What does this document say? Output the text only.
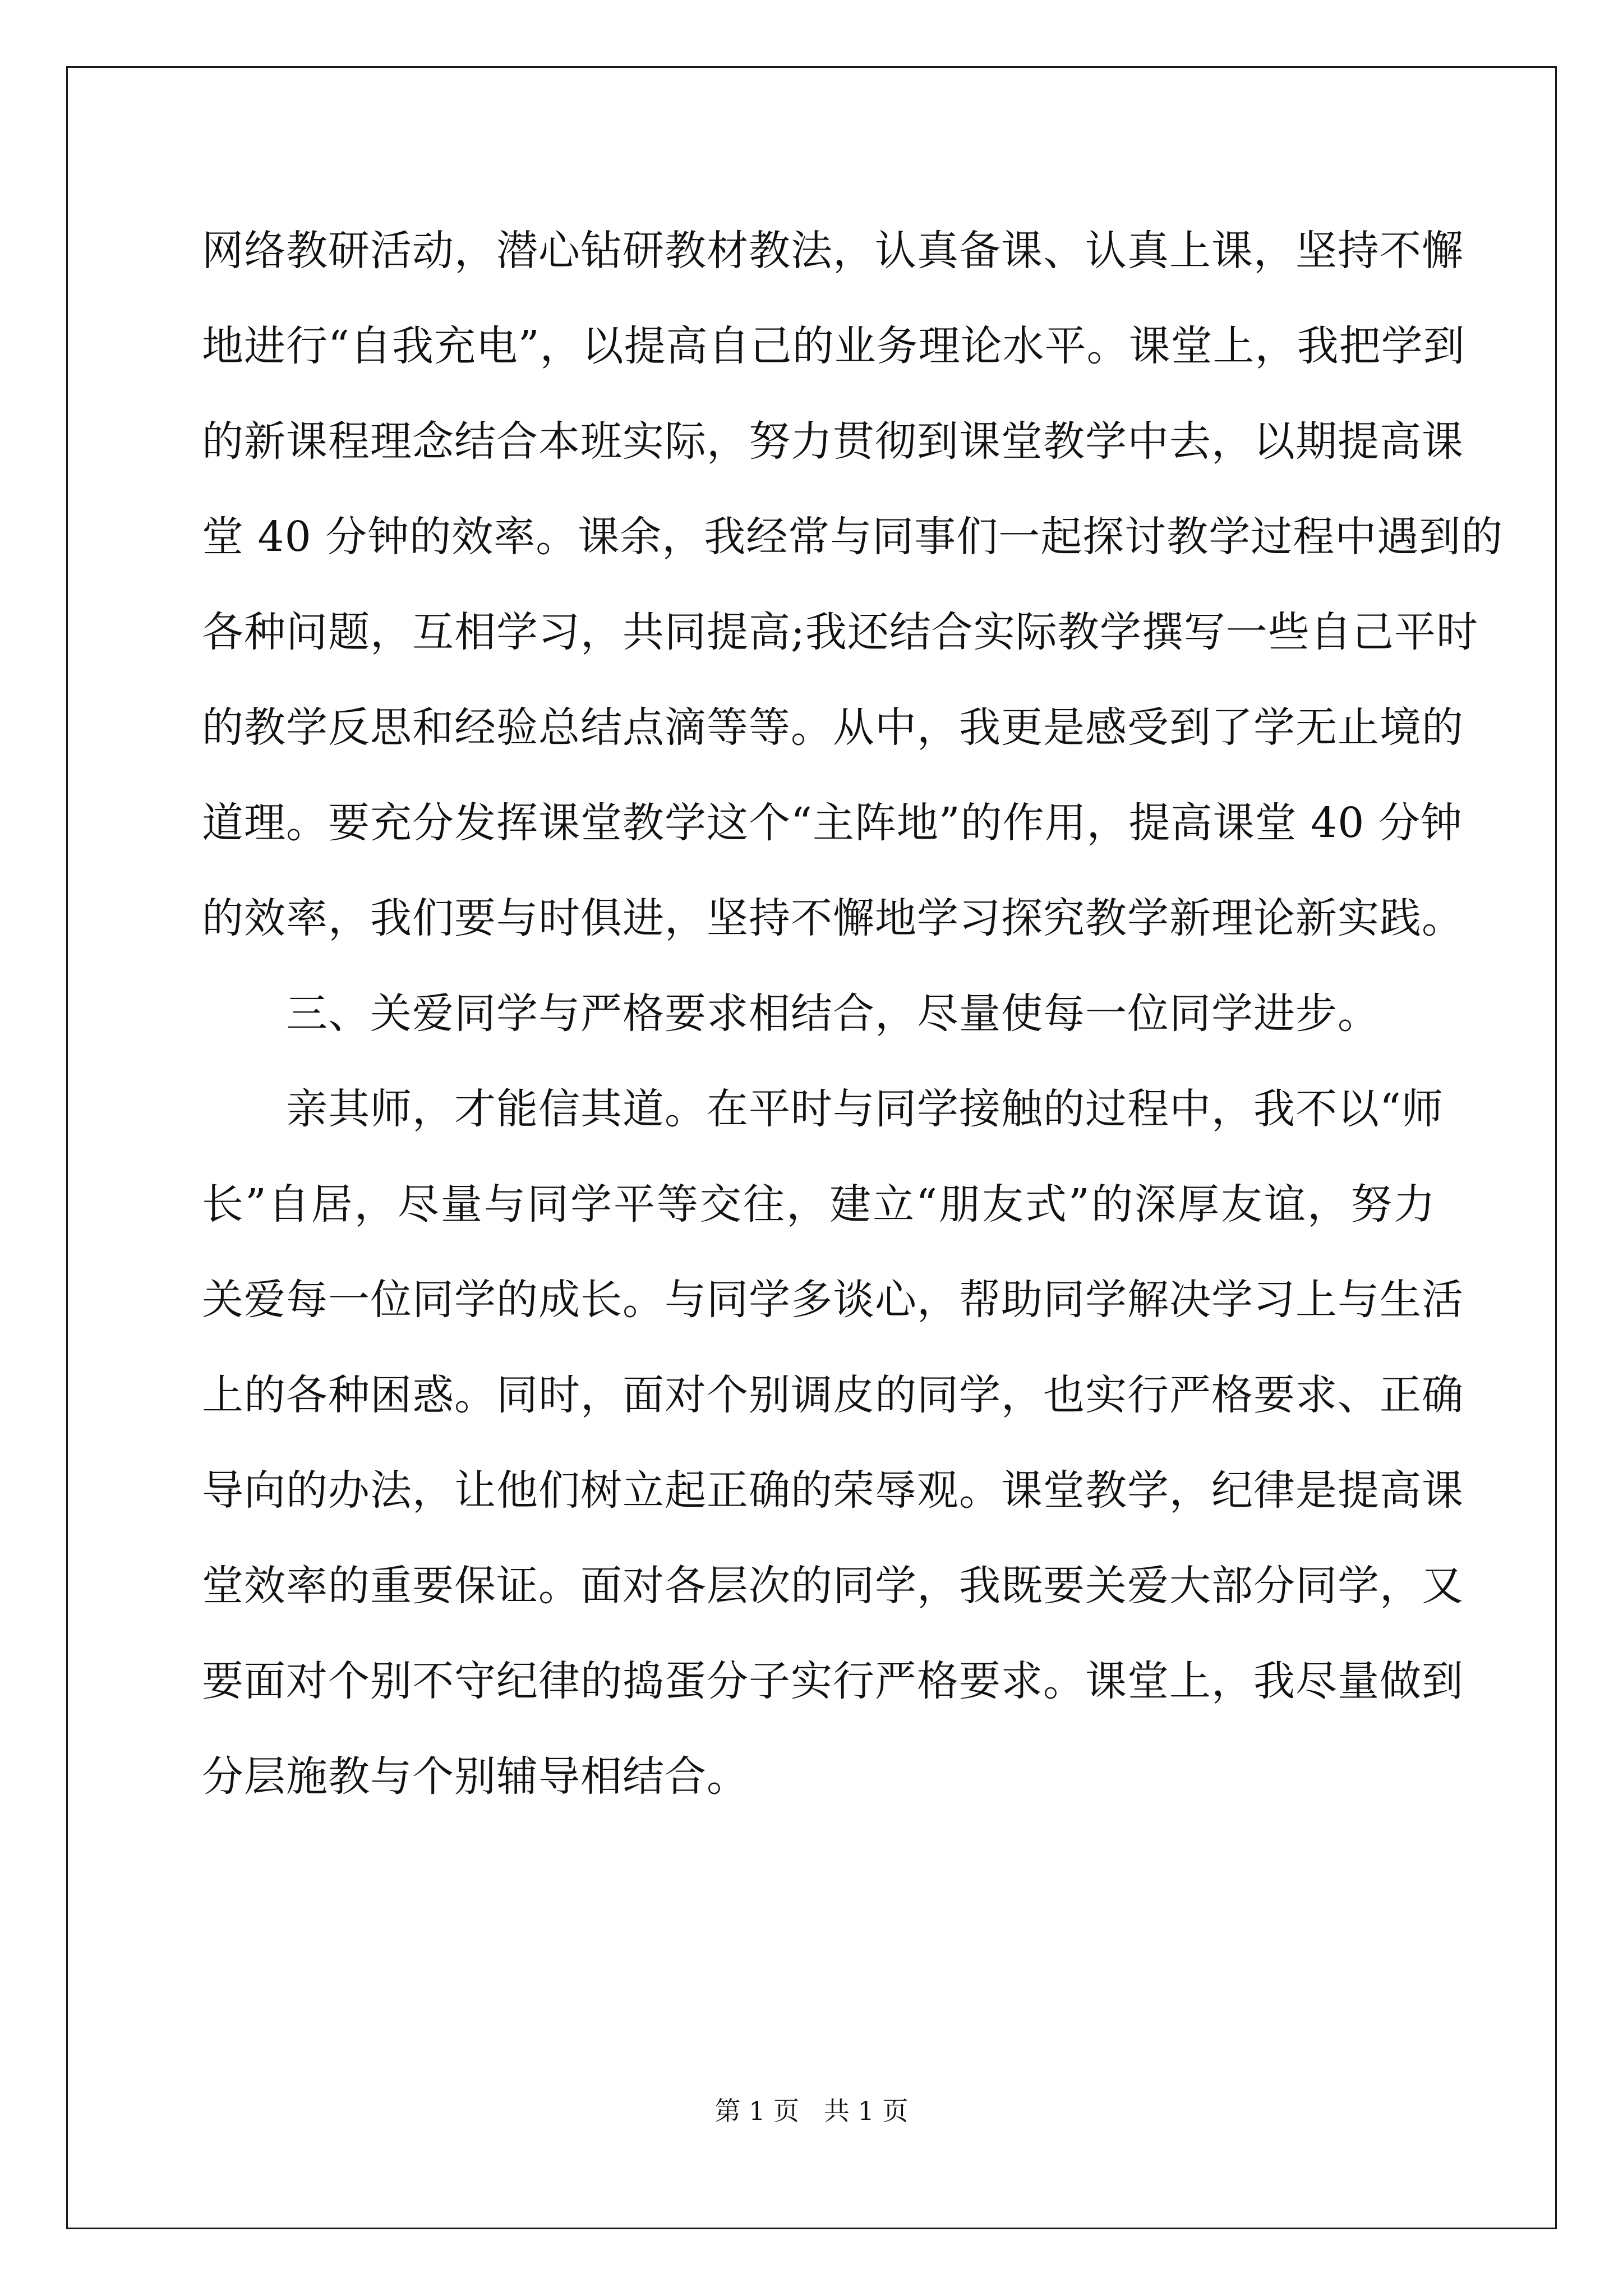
网络教研活动，潜心钻研教材教法，认真备课、认真上课，坚持不懈
地进行“自我充电”，以提高自己的业务理论水平。课堂上，我把学到
的新课程理念结合本班实际，努力贯彻到课堂教学中去，以期提高课
堂 40 分钟的效率。课余，我经常与同事们一起探讨教学过程中遇到的
各种问题，互相学习，共同提高;我还结合实际教学撰写一些自己平时
的教学反思和经验总结点滴等等。从中，我更是感受到了学无止境的
道理。要充分发挥课堂教学这个“主阵地”的作用，提高课堂 40 分钟
的效率，我们要与时俱进，坚持不懈地学习探究教学新理论新实践。
三、关爱同学与严格要求相结合，尽量使每一位同学进步。
亲其师，才能信其道。在平时与同学接触的过程中，我不以“师
长”自居，尽量与同学平等交往，建立“朋友式”的深厚友谊，努力
关爱每一位同学的成长。与同学多谈心，帮助同学解决学习上与生活
上的各种困惑。同时，面对个别调皮的同学，也实行严格要求、正确
导向的办法，让他们树立起正确的荣辱观。课堂教学，纪律是提高课
堂效率的重要保证。面对各层次的同学，我既要关爱大部分同学，又
要面对个别不守纪律的捣蛋分子实行严格要求。课堂上，我尽量做到
分层施教与个别辅导相结合。
第 1 页   共 1 页
